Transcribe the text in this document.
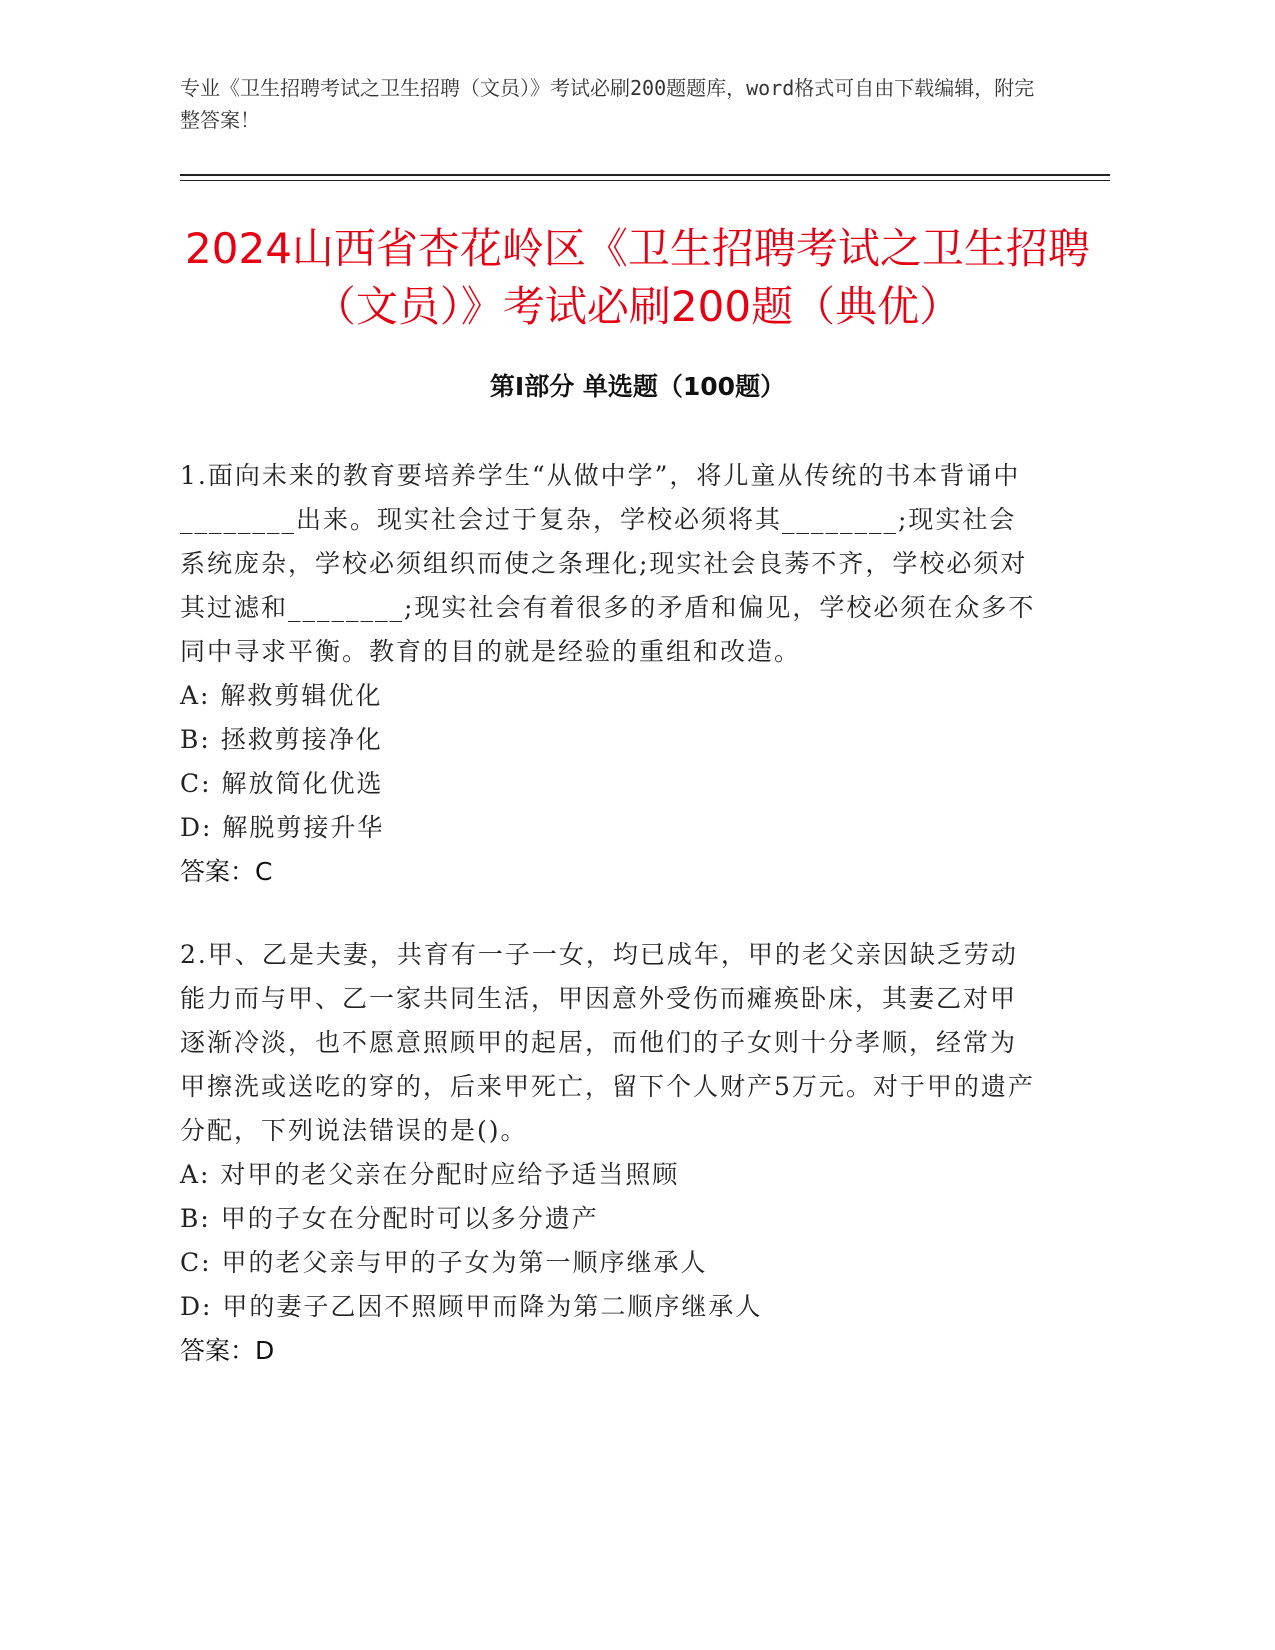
专业《卫生招聘考试之卫生招聘（文员）》考试必刷200题题库，word格式可自由下载编辑，附完整答案！
2024山西省杏花岭区《卫生招聘考试之卫生招聘（文员）》考试必刷200题（典优）
第I部分 单选题（100题）

1.面向未来的教育要培养学生“从做中学”，将儿童从传统的书本背诵中________出来。现实社会过于复杂，学校必须将其________;现实社会系统庞杂，学校必须组织而使之条理化;现实社会良莠不齐，学校必须对其过滤和________;现实社会有着很多的矛盾和偏见，学校必须在众多不同中寻求平衡。教育的目的就是经验的重组和改造。

A: 解救剪辑优化

B: 拯救剪接净化

C: 解放简化优选

D: 解脱剪接升华

答案：C

2.甲、乙是夫妻，共育有一子一女，均已成年，甲的老父亲因缺乏劳动能力而与甲、乙一家共同生活，甲因意外受伤而瘫痪卧床，其妻乙对甲逐渐冷淡，也不愿意照顾甲的起居，而他们的子女则十分孝顺，经常为甲擦洗或送吃的穿的，后来甲死亡，留下个人财产5万元。对于甲的遗产分配，下列说法错误的是()。

A: 对甲的老父亲在分配时应给予适当照顾

B: 甲的子女在分配时可以多分遗产

C: 甲的老父亲与甲的子女为第一顺序继承人

D: 甲的妻子乙因不照顾甲而降为第二顺序继承人

答案：D
